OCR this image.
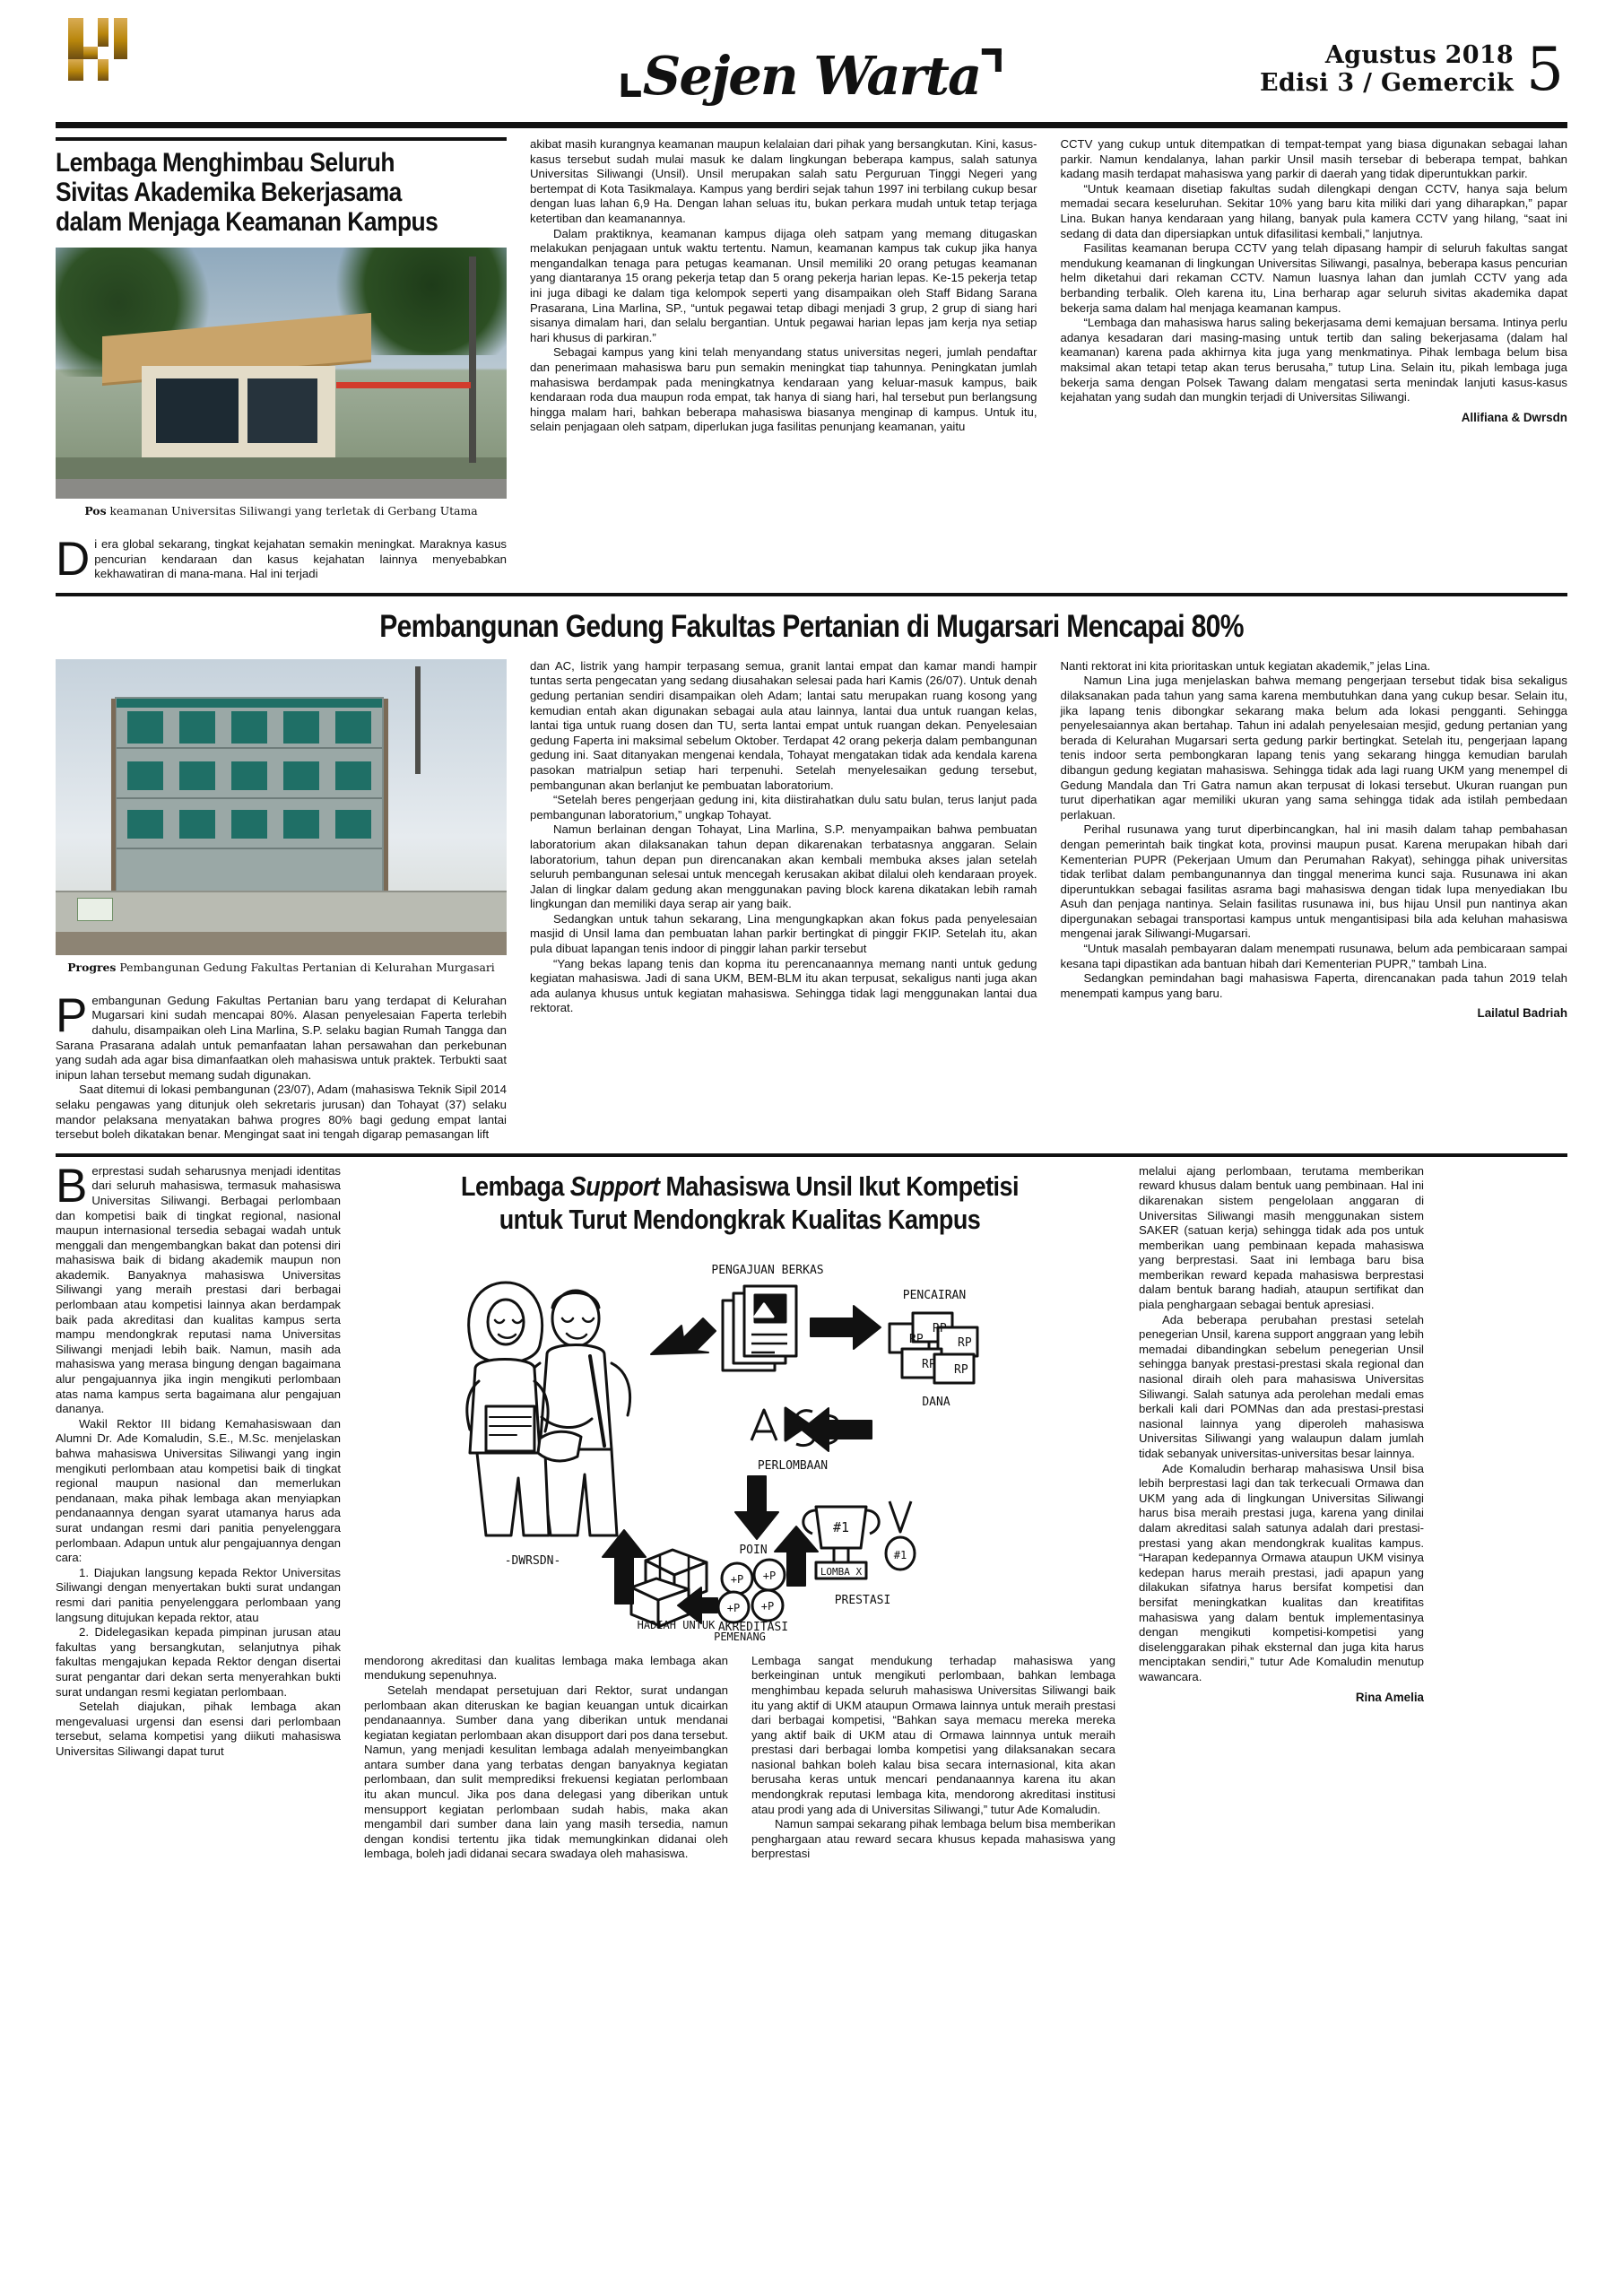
Sejen Warta	Agustus 2018
Edisi 3 / Gemercik 5
Lembaga Menghimbau Seluruh Sivitas Akademika Bekerjasama dalam Menjaga Keamanan Kampus
Pos keamanan Universitas Siliwangi yang terletak di Gerbang Utama

Di era global sekarang, tingkat kejahatan semakin meningkat. Maraknya kasus pencurian kendaraan dan kasus kejahatan lainnya menyebabkan kekhawatiran di mana-mana. Hal ini terjadi

akibat masih kurangnya keamanan maupun kelalaian dari pihak yang bersangkutan. Kini, kasus-kasus tersebut sudah mulai masuk ke dalam lingkungan beberapa kampus, salah satunya Universitas Siliwangi (Unsil). Unsil merupakan salah satu Perguruan Tinggi Negeri yang bertempat di Kota Tasikmalaya. Kampus yang berdiri sejak tahun 1997 ini terbilang cukup besar dengan luas lahan 6,9 Ha. Dengan lahan seluas itu, bukan perkara mudah untuk tetap terjaga ketertiban dan keamanannya.

Dalam praktiknya, keamanan kampus dijaga oleh satpam yang memang ditugaskan melakukan penjagaan untuk waktu tertentu. Namun, keamanan kampus tak cukup jika hanya mengandalkan tenaga para petugas keamanan. Unsil memiliki 20 orang petugas keamanan yang diantaranya 15 orang pekerja tetap dan 5 orang pekerja harian lepas. Ke-15 pekerja tetap ini juga dibagi ke dalam tiga kelompok seperti yang disampaikan oleh Staff Bidang Sarana Prasarana, Lina Marlina, SP., “untuk pegawai tetap dibagi menjadi 3 grup, 2 grup di siang hari sisanya dimalam hari, dan selalu bergantian. Untuk pegawai harian lepas jam kerja nya setiap hari khusus di parkiran.”

Sebagai kampus yang kini telah menyandang status universitas negeri, jumlah pendaftar dan penerimaan mahasiswa baru pun semakin meningkat tiap tahunnya. Peningkatan jumlah mahasiswa berdampak pada meningkatnya kendaraan yang keluar-masuk kampus, baik kendaraan roda dua maupun roda empat, tak hanya di siang hari, hal tersebut pun berlangsung hingga malam hari, bahkan beberapa mahasiswa biasanya menginap di kampus. Untuk itu, selain penjagaan oleh satpam, diperlukan juga fasilitas penunjang keamanan, yaitu

CCTV yang cukup untuk ditempatkan di tempat-tempat yang biasa digunakan sebagai lahan parkir. Namun kendalanya, lahan parkir Unsil masih tersebar di beberapa tempat, bahkan kadang masih terdapat mahasiswa yang parkir di daerah yang tidak diperuntukkan parkir.

“Untuk keamaan disetiap fakultas sudah dilengkapi dengan CCTV, hanya saja belum memadai secara keseluruhan. Sekitar 10% yang baru kita miliki dari yang diharapkan,” papar Lina. Bukan hanya kendaraan yang hilang, banyak pula kamera CCTV yang hilang, “saat ini sedang di data dan dipersiapkan untuk difasilitasi kembali,” lanjutnya.

Fasilitas keamanan berupa CCTV yang telah dipasang hampir di seluruh fakultas sangat mendukung keamanan di lingkungan Universitas Siliwangi, pasalnya, beberapa kasus pencurian helm diketahui dari rekaman CCTV. Namun luasnya lahan dan jumlah CCTV yang ada berbanding terbalik. Oleh karena itu, Lina berharap agar seluruh sivitas akademika dapat bekerja sama dalam hal menjaga keamanan kampus.

“Lembaga dan mahasiswa harus saling bekerjasama demi kemajuan bersama. Intinya perlu adanya kesadaran dari masing-masing untuk tertib dan saling bekerjasama (dalam hal keamanan) karena pada akhirnya kita juga yang menkmatinya. Pihak lembaga belum bisa maksimal akan tetapi tetap akan terus berusaha,” tutup Lina. Selain itu, pikah lembaga juga bekerja sama dengan Polsek Tawang dalam mengatasi serta menindak lanjuti kasus-kasus kejahatan yang sudah dan mungkin terjadi di Universitas Siliwangi.

Allifiana & Dwrsdn
Pembangunan Gedung Fakultas Pertanian di Mugarsari Mencapai 80%
Progres Pembangunan Gedung Fakultas Pertanian di Kelurahan Murgasari

Pembangunan Gedung Fakultas Pertanian baru yang terdapat di Kelurahan Mugarsari kini sudah mencapai 80%. Alasan penyelesaian Faperta terlebih dahulu, disampaikan oleh Lina Marlina, S.P. selaku bagian Rumah Tangga dan Sarana Prasarana adalah untuk pemanfaatan lahan persawahan dan perkebunan yang sudah ada agar bisa dimanfaatkan oleh mahasiswa untuk praktek. Terbukti saat inipun lahan tersebut memang sudah digunakan.

Saat ditemui di lokasi pembangunan (23/07), Adam (mahasiswa Teknik Sipil 2014 selaku pengawas yang ditunjuk oleh sekretaris jurusan) dan Tohayat (37) selaku mandor pelaksana menyatakan bahwa progres 80% bagi gedung empat lantai tersebut boleh dikatakan benar. Mengingat saat ini tengah digarap pemasangan lift

dan AC, listrik yang hampir terpasang semua, granit lantai empat dan kamar mandi hampir tuntas serta pengecatan yang sedang diusahakan selesai pada hari Kamis (26/07). Untuk denah gedung pertanian sendiri disampaikan oleh Adam; lantai satu merupakan ruang kosong yang kemudian entah akan digunakan sebagai aula atau lainnya, lantai dua untuk ruangan kelas, lantai tiga untuk ruang dosen dan TU, serta lantai empat untuk ruangan dekan. Penyelesaian gedung Faperta ini maksimal sebelum Oktober. Terdapat 42 orang pekerja dalam pembangunan gedung ini. Saat ditanyakan mengenai kendala, Tohayat mengatakan tidak ada kendala karena pasokan matrialpun setiap hari terpenuhi. Setelah menyelesaikan gedung tersebut, pembangunan akan berlanjut ke pembuatan laboratorium.

“Setelah beres pengerjaan gedung ini, kita diistirahatkan dulu satu bulan, terus lanjut pada pembangunan laboratorium,” ungkap Tohayat.

Namun berlainan dengan Tohayat, Lina Marlina, S.P. menyampaikan bahwa pembuatan laboratorium akan dilaksanakan tahun depan dikarenakan terbatasnya anggaran. Selain laboratorium, tahun depan pun direncanakan akan kembali membuka akses jalan setelah seluruh pembangunan selesai untuk mencegah kerusakan akibat dilalui oleh kendaraan proyek. Jalan di lingkar dalam gedung akan menggunakan paving block karena dikatakan lebih ramah lingkungan dan memiliki daya serap air yang baik.

Sedangkan untuk tahun sekarang, Lina mengungkapkan akan fokus pada penyelesaian masjid di Unsil lama dan pembuatan lahan parkir bertingkat di pinggir FKIP. Setelah itu, akan pula dibuat lapangan tenis indoor di pinggir lahan parkir tersebut

“Yang bekas lapang tenis dan kopma itu perencanaannya memang nanti untuk gedung kegiatan mahasiswa. Jadi di sana UKM, BEM-BLM itu akan terpusat, sekaligus nanti juga akan ada aulanya khusus untuk kegiatan mahasiswa. Sehingga tidak lagi menggunakan lantai dua rektorat.

Nanti rektorat ini kita prioritaskan untuk kegiatan akademik,” jelas Lina.

Namun Lina juga menjelaskan bahwa memang pengerjaan tersebut tidak bisa sekaligus dilaksanakan pada tahun yang sama karena membutuhkan dana yang cukup besar. Selain itu, jika lapang tenis dibongkar sekarang maka belum ada lokasi pengganti. Sehingga penyelesaiannya akan bertahap. Tahun ini adalah penyelesaian mesjid, gedung pertanian yang berada di Kelurahan Mugarsari serta gedung parkir bertingkat. Setelah itu, pengerjaan lapang tenis indoor serta pembongkaran lapang tenis yang sekarang hingga kemudian barulah dibangun gedung kegiatan mahasiswa. Sehingga tidak ada lagi ruang UKM yang menempel di Gedung Mandala dan Tri Gatra namun akan terpusat di lokasi tersebut. Ukuran ruangan pun turut diperhatikan agar memiliki ukuran yang sama sehingga tidak ada istilah pembedaan perlakuan.

Perihal rusunawa yang turut diperbincangkan, hal ini masih dalam tahap pembahasan dengan pemerintah baik tingkat kota, provinsi maupun pusat. Karena merupakan hibah dari Kementerian PUPR (Pekerjaan Umum dan Perumahan Rakyat), sehingga pihak universitas tidak terlibat dalam pembangunannya dan tinggal menerima kunci saja. Rusunawa ini akan diperuntukkan sebagai fasilitas asrama bagi mahasiswa dengan tidak lupa menyediakan Ibu Asuh dan penjaga nantinya. Selain fasilitas rusunawa ini, bus hijau Unsil pun nantinya akan dipergunakan sebagai transportasi kampus untuk mengantisipasi bila ada keluhan mahasiswa mengenai jarak Siliwangi-Mugarsari.

“Untuk masalah pembayaran dalam menempati rusunawa, belum ada pembicaraan sampai kesana tapi dipastikan ada bantuan hibah dari Kementerian PUPR,” tambah Lina.

Sedangkan pemindahan bagi mahasiswa Faperta, direncanakan pada tahun 2019 telah menempati kampus yang baru.

Lailatul Badriah

Berprestasi sudah seharusnya menjadi identitas dari seluruh mahasiswa, termasuk mahasiswa Universitas Siliwangi. Berbagai perlombaan dan kompetisi baik di tingkat regional, nasional maupun internasional tersedia sebagai wadah untuk menggali dan mengembangkan bakat dan potensi diri mahasiswa baik di bidang akademik maupun non akademik. Banyaknya mahasiswa Universitas Siliwangi yang meraih prestasi dari berbagai perlombaan atau kompetisi lainnya akan berdampak baik pada akreditasi dan kualitas kampus serta mampu mendongkrak reputasi nama Universitas Siliwangi menjadi lebih baik. Namun, masih ada mahasiswa yang merasa bingung dengan bagaimana alur pengajuannya jika ingin mengikuti perlombaan atas nama kampus serta bagaimana alur pengajuan dananya.

Wakil Rektor III bidang Kemahasiswaan dan Alumni Dr. Ade Komaludin, S.E., M.Sc. menjelaskan bahwa mahasiswa Universitas Siliwangi yang ingin mengikuti perlombaan atau kompetisi baik di tingkat regional maupun nasional dan memerlukan pendanaan, maka pihak lembaga akan menyiapkan pendanaannya dengan syarat utamanya harus ada surat undangan resmi dari panitia penyelenggara perlombaan. Adapun untuk alur pengajuannya dengan cara:

1. Diajukan langsung kepada Rektor Universitas Siliwangi dengan menyertakan bukti surat undangan resmi dari panitia penyelenggara perlombaan yang langsung ditujukan kepada rektor, atau

2. Didelegasikan kepada pimpinan jurusan atau fakultas yang bersangkutan, selanjutnya pihak fakultas mengajukan kepada Rektor dengan disertai surat pengantar dari dekan serta menyerahkan bukti surat undangan resmi kegiatan perlombaan.

Setelah diajukan, pihak lembaga akan mengevaluasi urgensi dan esensi dari perlombaan tersebut, selama kompetisi yang diikuti mahasiswa Universitas Siliwangi dapat turut

Lembaga Support Mahasiswa Unsil Ikut Kompetisi
untuk Turut Mendongkrak Kualitas Kampus
-DWRSDN-
PENGAJUAN BERKAS
RP
RP
RP
RP RP
PENCAIRAN
DANA
PERLOMBAAN
#1
LOMBA X
#1
PRESTASI
+P +P
+P +P
POIN
AKREDITASI
HADIAH UNTUK
PEMENANG

mendorong akreditasi dan kualitas lembaga maka lembaga akan mendukung sepenuhnya.

Setelah mendapat persetujuan dari Rektor, surat undangan perlombaan akan diteruskan ke bagian keuangan untuk dicairkan pendanaannya. Sumber dana yang diberikan untuk mendanai kegiatan kegiatan perlombaan akan disupport dari pos dana tersebut. Namun, yang menjadi kesulitan lembaga adalah menyeimbangkan antara sumber dana yang terbatas dengan banyaknya kegiatan perlombaan, dan sulit memprediksi frekuensi kegiatan perlombaan itu akan muncul. Jika pos dana delegasi yang diberikan untuk mensupport kegiatan perlombaan sudah habis, maka akan mengambil dari sumber dana lain yang masih tersedia, namun dengan kondisi tertentu jika tidak memungkinkan didanai oleh lembaga, boleh jadi didanai secara swadaya oleh mahasiswa.

Lembaga sangat mendukung terhadap mahasiswa yang berkeinginan untuk mengikuti perlombaan, bahkan lembaga menghimbau kepada seluruh mahasiswa Universitas Siliwangi baik itu yang aktif di UKM ataupun Ormawa lainnya untuk meraih prestasi dari berbagai kompetisi, “Bahkan saya memacu mereka mereka yang aktif baik di UKM atau di Ormawa lainnnya untuk meraih prestasi dari berbagai lomba kompetisi yang dilaksanakan secara nasional bahkan boleh kalau bisa secara internasional, kita akan berusaha keras untuk mencari pendanaannya karena itu akan mendongkrak reputasi lembaga kita, mendorong akreditasi institusi atau prodi yang ada di Universitas Siliwangi,” tutur Ade Komaludin.

Namun sampai sekarang pihak lembaga belum bisa memberikan penghargaan atau reward secara khusus kepada mahasiswa yang berprestasi

melalui ajang perlombaan, terutama memberikan reward khusus dalam bentuk uang pembinaan. Hal ini dikarenakan sistem pengelolaan anggaran di Universitas Siliwangi masih menggunakan sistem SAKER (satuan kerja) sehingga tidak ada pos untuk memberikan uang pembinaan kepada mahasiswa yang berprestasi. Saat ini lembaga baru bisa memberikan reward kepada mahasiswa berprestasi dalam bentuk barang hadiah, ataupun sertifikat dan piala penghargaan sebagai bentuk apresiasi.

Ada beberapa perubahan prestasi setelah penegerian Unsil, karena support anggraan yang lebih memadai dibandingkan sebelum penegerian Unsil sehingga banyak prestasi-prestasi skala regional dan nasional diraih oleh para mahasiswa Universitas Siliwangi. Salah satunya ada perolehan medali emas berkali kali dari POMNas dan ada prestasi-prestasi nasional lainnya yang diperoleh mahasiswa Universitas Siliwangi yang walaupun dalam jumlah tidak sebanyak universitas-universitas besar lainnya.

Ade Komaludin berharap mahasiswa Unsil bisa lebih berprestasi lagi dan tak terkecuali Ormawa dan UKM yang ada di lingkungan Universitas Siliwangi harus bisa meraih prestasi juga, karena yang dinilai dalam akreditasi salah satunya adalah dari prestasi-prestasi yang akan mendongkrak kualitas kampus. “Harapan kedepannya Ormawa ataupun UKM visinya kedepan harus meraih prestasi, jadi apapun yang dilakukan sifatnya harus bersifat kompetisi dan bersifat meningkatkan kualitas dan kreatifitas mahasiswa yang dalam bentuk implementasinya dengan mengikuti kompetisi-kompetisi yang diselenggarakan pihak eksternal dan juga kita harus menciptakan sendiri,” tutur Ade Komaludin menutup wawancara.

Rina Amelia
